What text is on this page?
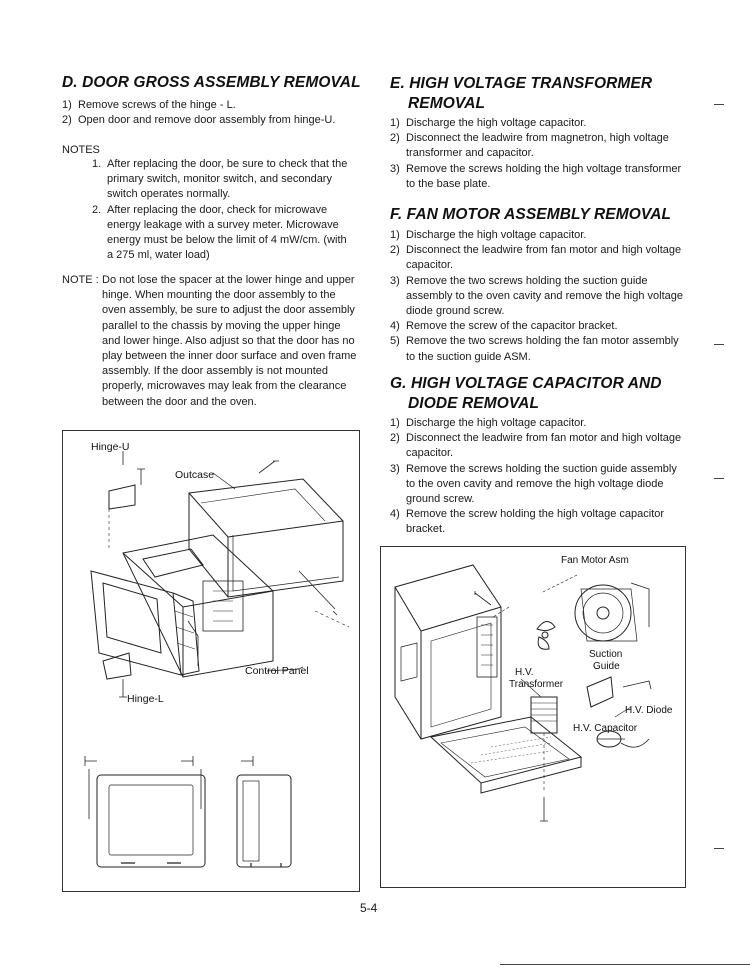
D. DOOR GROSS ASSEMBLY REMOVAL
1) Remove screws of the hinge - L.
2) Open door and remove door assembly from hinge-U.
NOTES
1. After replacing the door, be sure to check that the primary switch, monitor switch, and secondary switch operates normally.
2. After replacing the door, check for microwave energy leakage with a survey meter. Microwave energy must be below the limit of 4 mW/cm. (with a 275 ml, water load)
NOTE : Do not lose the spacer at the lower hinge and upper hinge. When mounting the door assembly to the oven assembly, be sure to adjust the door assembly parallel to the chassis by moving the upper hinge and lower hinge. Also adjust so that the door has no play between the inner door surface and oven frame assembly. If the door assembly is not mounted properly, microwaves may leak from the clearance between the door and the oven.
Hinge-U
Outcase
Control Panel
Hinge-L
E. HIGH VOLTAGE TRANSFORMER
REMOVAL
1) Discharge the high voltage capacitor.
2) Disconnect the leadwire from magnetron, high voltage transformer and capacitor.
3) Remove the screws holding the high voltage transformer to the base plate.
F. FAN MOTOR ASSEMBLY REMOVAL
1) Discharge the high voltage capacitor.
2) Disconnect the leadwire from fan motor and high voltage capacitor.
3) Remove the two screws holding the suction guide assembly to the oven cavity and remove the high voltage diode ground screw.
4) Remove the screw of the capacitor bracket.
5) Remove the two screws holding the fan motor assembly to the suction guide ASM.
G. HIGH VOLTAGE CAPACITOR AND
DIODE REMOVAL
1) Discharge the high voltage capacitor.
2) Disconnect the leadwire from fan motor and high voltage capacitor.
3) Remove the screws holding the suction guide assembly to the oven cavity and remove the high voltage diode ground screw.
4) Remove the screw holding the high voltage capacitor bracket.
Fan Motor Asm
Suction
Guide
H.V.
Transformer
H.V. Diode
H.V. Capacitor
5-4
